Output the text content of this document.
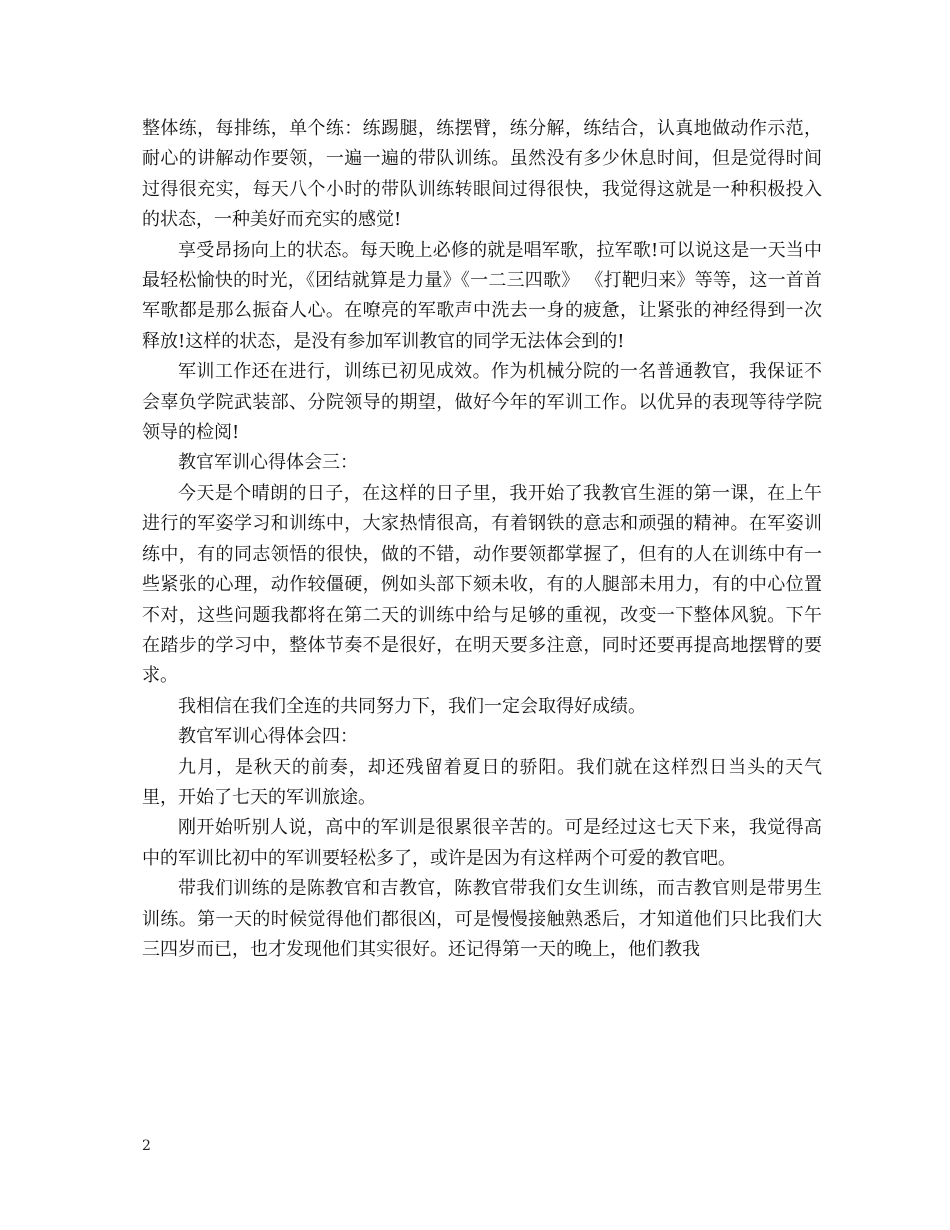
整体练，每排练，单个练：练踢腿，练摆臂，练分解，练结合，认真地做动作示范，耐心的讲解动作要领，一遍一遍的带队训练。虽然没有多少休息时间，但是觉得时间过得很充实，每天八个小时的带队训练转眼间过得很快，我觉得这就是一种积极投入的状态，一种美好而充实的感觉!

享受昂扬向上的状态。每天晚上必修的就是唱军歌，拉军歌!可以说这是一天当中最轻松愉快的时光，《团结就算是力量》《一二三四歌》 《打靶归来》等等，这一首首军歌都是那么振奋人心。在嘹亮的军歌声中洗去一身的疲惫，让紧张的神经得到一次释放!这样的状态，是没有参加军训教官的同学无法体会到的!

军训工作还在进行，训练已初见成效。作为机械分院的一名普通教官，我保证不会辜负学院武装部、分院领导的期望，做好今年的军训工作。以优异的表现等待学院领导的检阅!

教官军训心得体会三：

今天是个晴朗的日子，在这样的日子里，我开始了我教官生涯的第一课，在上午进行的军姿学习和训练中，大家热情很高，有着钢铁的意志和顽强的精神。在军姿训练中，有的同志领悟的很快，做的不错，动作要领都掌握了，但有的人在训练中有一些紧张的心理，动作较僵硬，例如头部下颏未收，有的人腿部未用力，有的中心位置不对，这些问题我都将在第二天的训练中给与足够的重视，改变一下整体风貌。下午在踏步的学习中，整体节奏不是很好，在明天要多注意，同时还要再提高地摆臂的要求。

我相信在我们全连的共同努力下，我们一定会取得好成绩。

教官军训心得体会四：

九月，是秋天的前奏，却还残留着夏日的骄阳。我们就在这样烈日当头的天气里，开始了七天的军训旅途。

刚开始听别人说，高中的军训是很累很辛苦的。可是经过这七天下来，我觉得高中的军训比初中的军训要轻松多了，或许是因为有这样两个可爱的教官吧。

带我们训练的是陈教官和吉教官，陈教官带我们女生训练，而吉教官则是带男生训练。第一天的时候觉得他们都很凶，可是慢慢接触熟悉后，才知道他们只比我们大三四岁而已，也才发现他们其实很好。还记得第一天的晚上，他们教我

2
